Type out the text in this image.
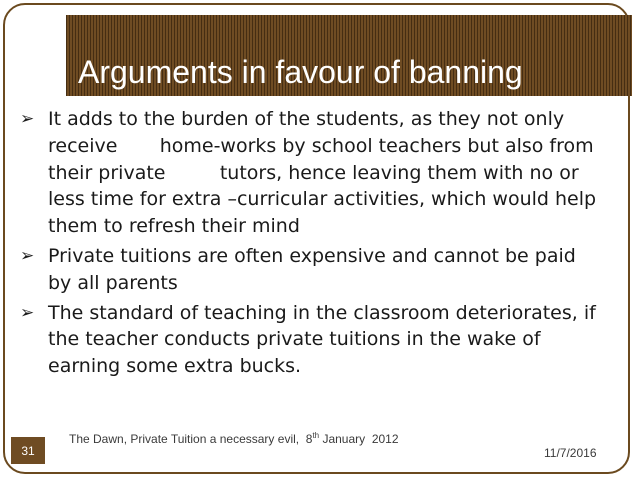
Arguments in favour of banning
➢ It adds to the burden of the students, as they not only
receive       home-works by school teachers but also from
their private         tutors, hence leaving them with no or
less time for extra –curricular activities, which would help
them to refresh their mind
➢ Private tuitions are often expensive and cannot be paid
by all parents
➢ The standard of teaching in the classroom deteriorates, if
the teacher conducts private tuitions in the wake of
earning some extra bucks.
31
The Dawn, Private Tuition a necessary evil,  8th January  2012
11/7/2016
